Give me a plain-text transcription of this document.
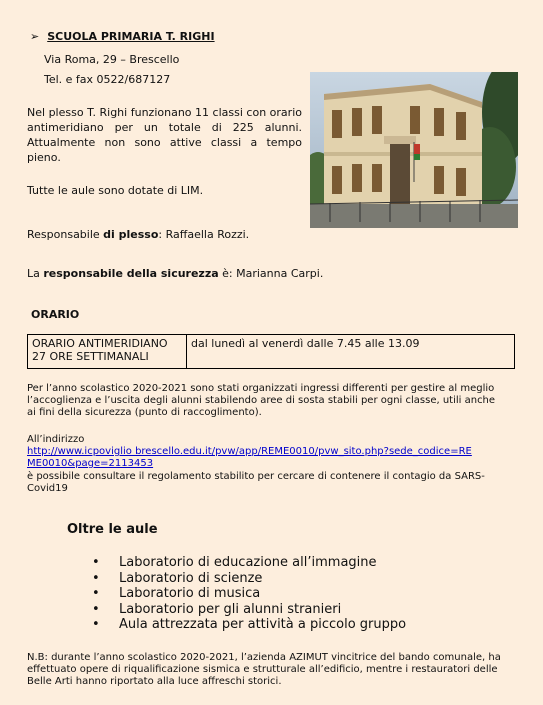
➢ SCUOLA PRIMARIA T. RIGHI
Via Roma, 29 – Brescello
Tel. e fax 0522/687127
Nel plesso T. Righi funzionano 11 classi con orario antimeridiano per un totale di 225 alunni. Attualmente non sono attive classi a tempo pieno.
Tutte le aule sono dotate di LIM.
Responsabile di plesso: Raffaella Rozzi.
La responsabile della sicurezza è: Marianna Carpi.
ORARIO
ORARIO ANTIMERIDIANO
27 ORE SETTIMANALI
	dal lunedì al venerdì dalle 7.45 alle 13.09
Per l’anno scolastico 2020-2021 sono stati organizzati ingressi differenti per gestire al meglio l’accoglienza e l’uscita degli alunni stabilendo aree di sosta stabili per ogni classe, utili anche ai fini della sicurezza (punto di raccoglimento).
All’indirizzo
http://www.icpoviglio brescello.edu.it/pvw/app/REME0010/pvw_sito.php?sede_codice=RE
ME0010&page=2113453
è possibile consultare il regolamento stabilito per cercare di contenere il contagio da SARS-Covid19
Oltre le aule
• Laboratorio di educazione all’immagine
• Laboratorio di scienze
• Laboratorio di musica
• Laboratorio per gli alunni stranieri
• Aula attrezzata per attività a piccolo gruppo
N.B: durante l’anno scolastico 2020-2021, l’azienda AZIMUT vincitrice del bando comunale, ha effettuato opere di riqualificazione sismica e strutturale all’edificio, mentre i restauratori delle Belle Arti hanno riportato alla luce affreschi storici.
